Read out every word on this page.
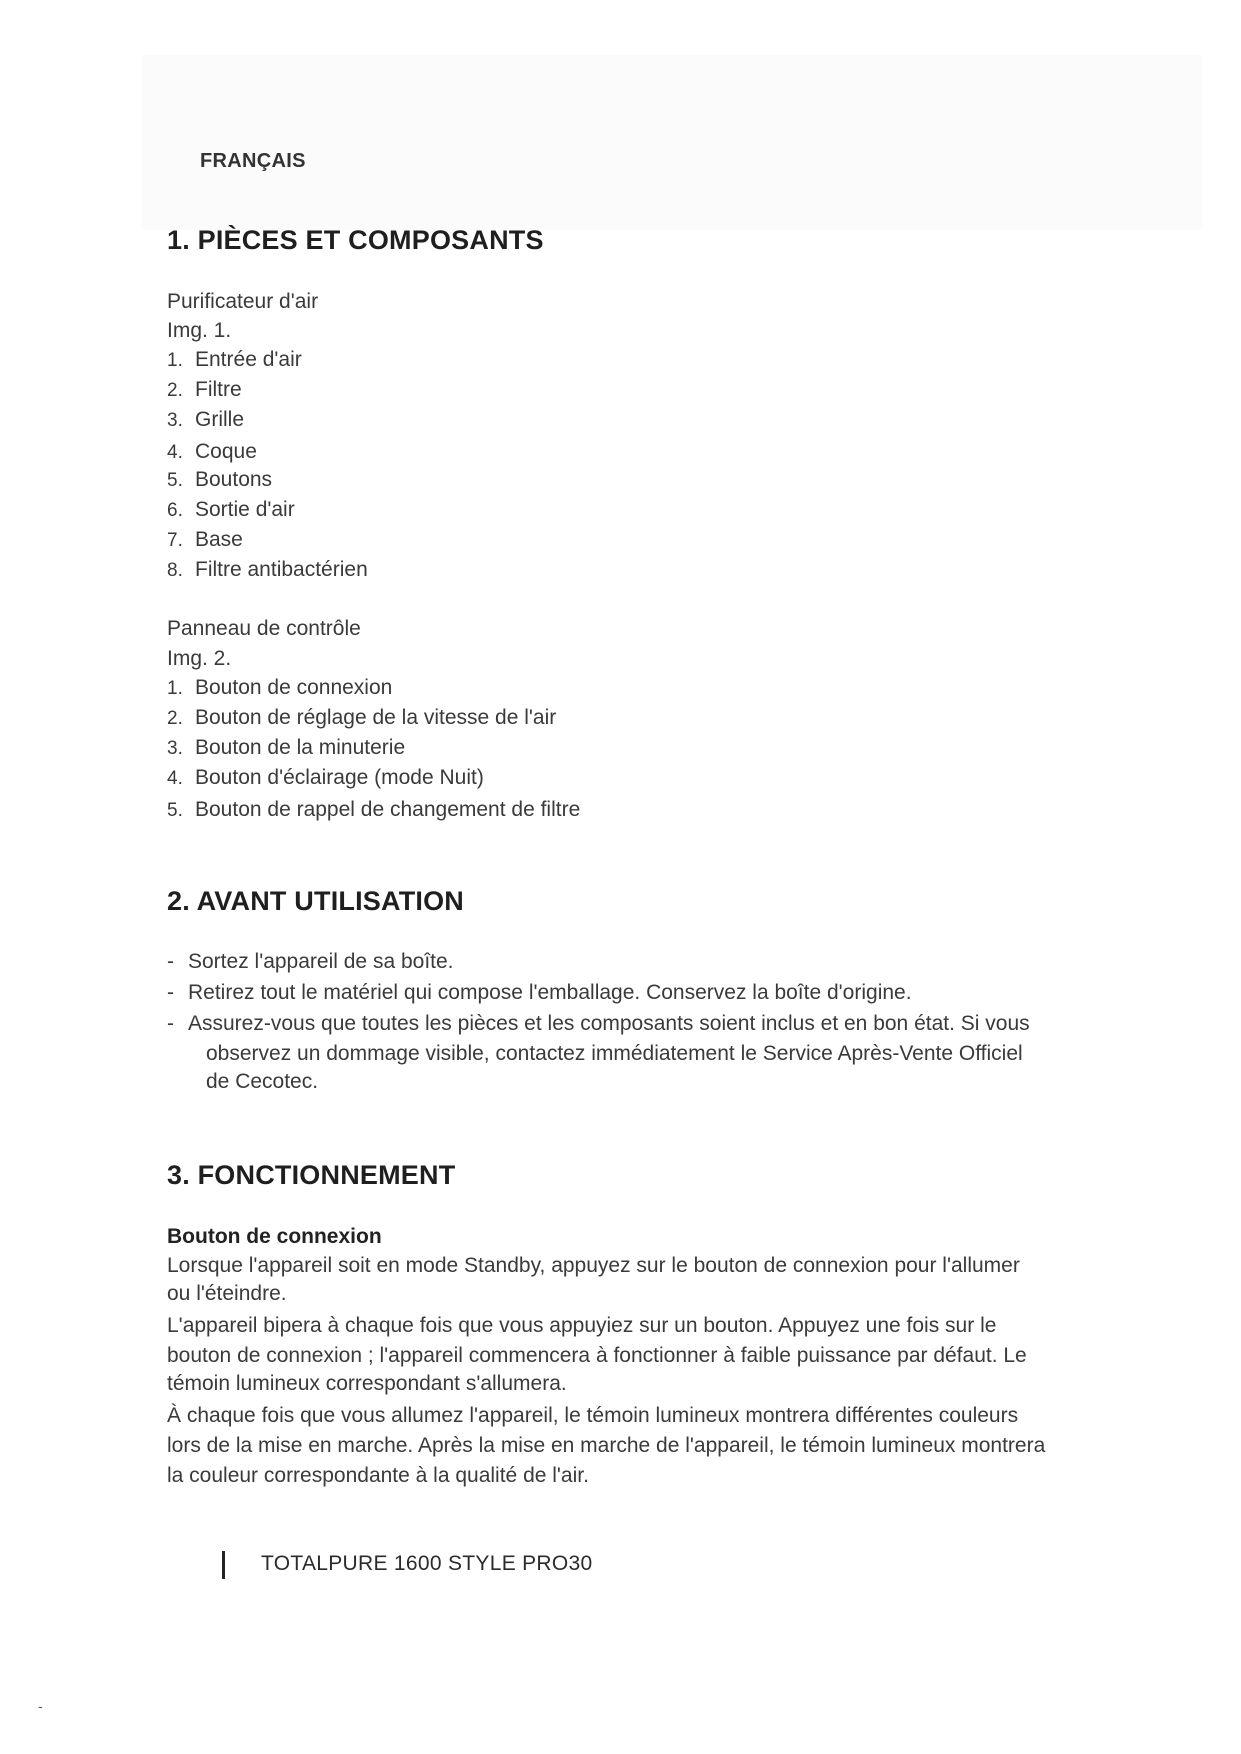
FRANÇAIS
1. PIÈCES ET COMPOSANTS
Purificateur d'air
Img. 1.
1. Entrée d'air
2. Filtre
3. Grille
4. Coque
5. Boutons
6. Sortie d'air
7. Base
8. Filtre antibactérien
Panneau de contrôle
Img. 2.
1. Bouton de connexion
2. Bouton de réglage de la vitesse de l'air
3. Bouton de la minuterie
4. Bouton d'éclairage (mode Nuit)
5. Bouton de rappel de changement de filtre
2. AVANT UTILISATION
- Sortez l'appareil de sa boîte.
- Retirez tout le matériel qui compose l'emballage. Conservez la boîte d'origine.
- Assurez-vous que toutes les pièces et les composants soient inclus et en bon état. Si vous
observez un dommage visible, contactez immédiatement le Service Après-Vente Officiel
de Cecotec.
3. FONCTIONNEMENT
Bouton de connexion
Lorsque l'appareil soit en mode Standby, appuyez sur le bouton de connexion pour l'allumer
ou l'éteindre.
L'appareil bipera à chaque fois que vous appuyiez sur un bouton. Appuyez une fois sur le
bouton de connexion ; l'appareil commencera à fonctionner à faible puissance par défaut. Le
témoin lumineux correspondant s'allumera.
À chaque fois que vous allumez l'appareil, le témoin lumineux montrera différentes couleurs
lors de la mise en marche. Après la mise en marche de l'appareil, le témoin lumineux montrera
la couleur correspondante à la qualité de l'air.
TOTALPURE 1600 STYLE PRO30
-
